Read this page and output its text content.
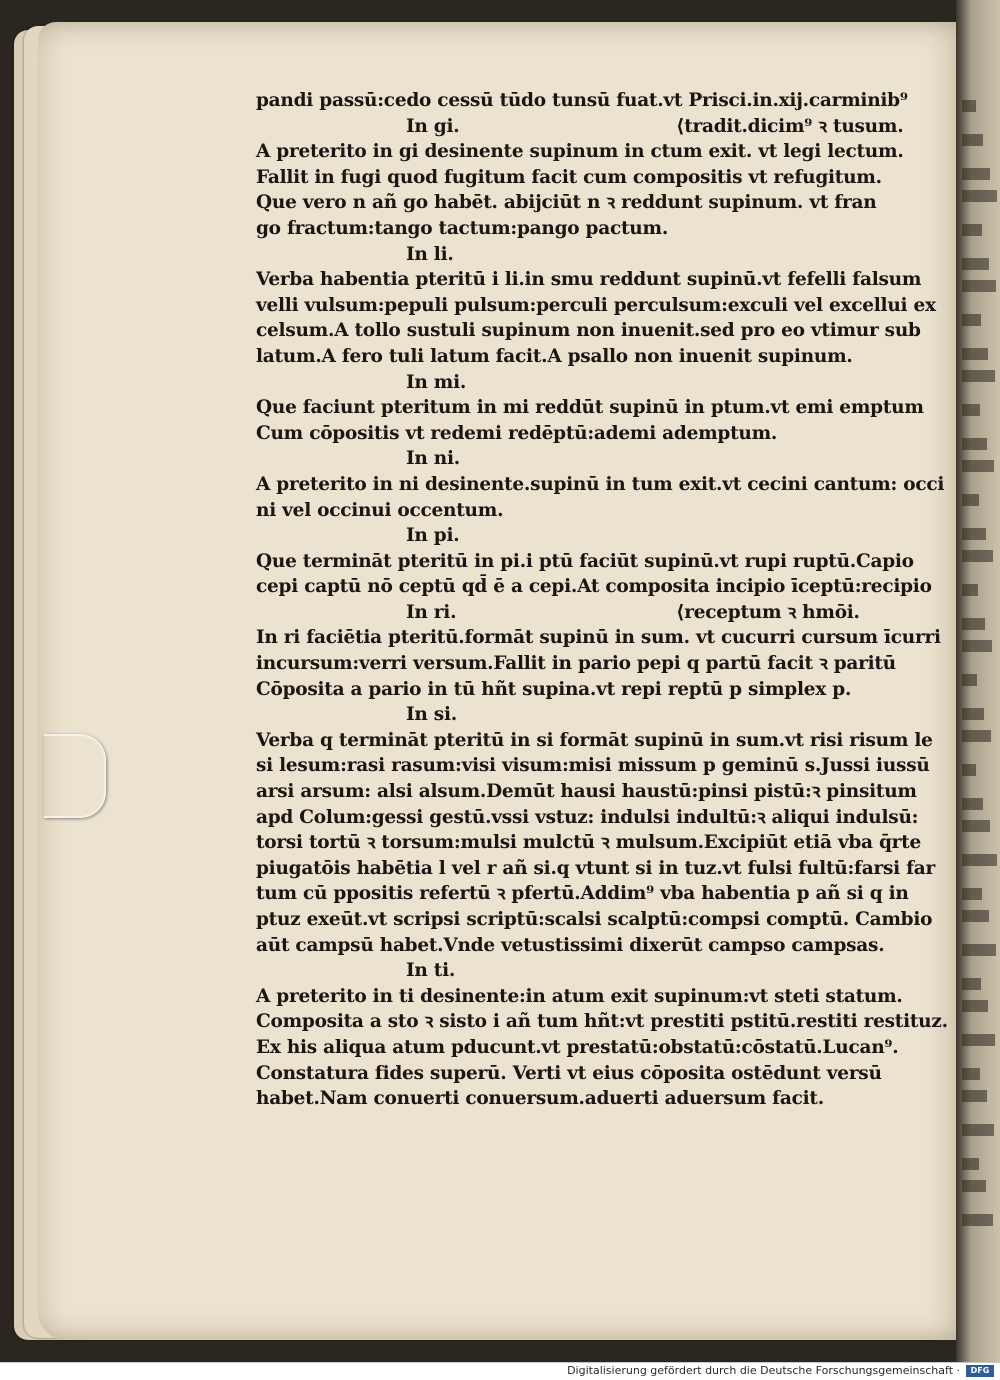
pandi passū:cedo cessū tūdo tunsū fuat.vt Prisci.in.xij.carminib⁹
In gi.	⟨tradit.dicim⁹ ꝛ tusum.
A preterito in gi desinente supinum in ctum exit. vt legi lectum.
Fallit in fugi quod fugitum facit cum compositis vt refugitum.
Que vero n añ go habēt. abijciūt n ꝛ reddunt supinum. vt fran
go fractum:tango tactum:pango pactum.
In li.
Verba habentia pteritū i li.in smu reddunt supinū.vt fefelli falsum
velli vulsum:pepuli pulsum:perculi perculsum:exculi vel excellui ex
celsum.A tollo sustuli supinum non inuenit.sed pro eo vtimur sub
latum.A fero tuli latum facit.A psallo non inuenit supinum.
In mi.
Que faciunt pteritum in mi reddūt supinū in ptum.vt emi emptum
Cum cōpositis vt redemi redēptū:ademi ademptum.
In ni.
A preterito in ni desinente.supinū in tum exit.vt cecini cantum: occi
ni vel occinui occentum.
In pi.
Que termināt pteritū in pi.i ptū faciūt supinū.vt rupi ruptū.Capio
cepi captū nō ceptū qd̄ ē a cepi.At composita incipio īceptū:recipio
In ri.	⟨receptum ꝛ hmōi.
In ri faciētia pteritū.formāt supinū in sum. vt cucurri cursum īcurri
incursum:verri versum.Fallit in pario pepi q partū facit ꝛ paritū
Cōposita a pario in tū hñt supina.vt repi reptū p simplex p.
In si.
Verba q termināt pteritū in si formāt supinū in sum.vt risi risum le
si lesum:rasi rasum:visi visum:misi missum p geminū s.Jussi iussū
arsi arsum: alsi alsum.Demūt hausi haustū:pinsi pistū:ꝛ pinsitum
apd Colum:gessi gestū.vssi vstuz: indulsi indultū:ꝛ aliqui indulsū:
torsi tortū ꝛ torsum:mulsi mulctū ꝛ mulsum.Excipiūt etiā vba q̄rte
piugatōis habētia l vel r añ si.q vtunt si in tuz.vt fulsi fultū:farsi far
tum cū ppositis refertū ꝛ pfertū.Addim⁹ vba habentia p añ si q in
ptuz exeūt.vt scripsi scriptū:scalsi scalptū:compsi comptū. Cambio
aūt campsū habet.Vnde vetustissimi dixerūt campso campsas.
In ti.
A preterito in ti desinente:in atum exit supinum:vt steti statum.
Composita a sto ꝛ sisto i añ tum hñt:vt prestiti pstitū.restiti restituz.
Ex his aliqua atum pducunt.vt prestatū:obstatū:cōstatū.Lucan⁹.
Constatura fides superū. Verti vt eius cōposita ostēdunt versū
habet.Nam conuerti conuersum.aduerti aduersum facit.
Digitalisierung gefördert durch die Deutsche Forschungsgemeinschaft ·	DFG
